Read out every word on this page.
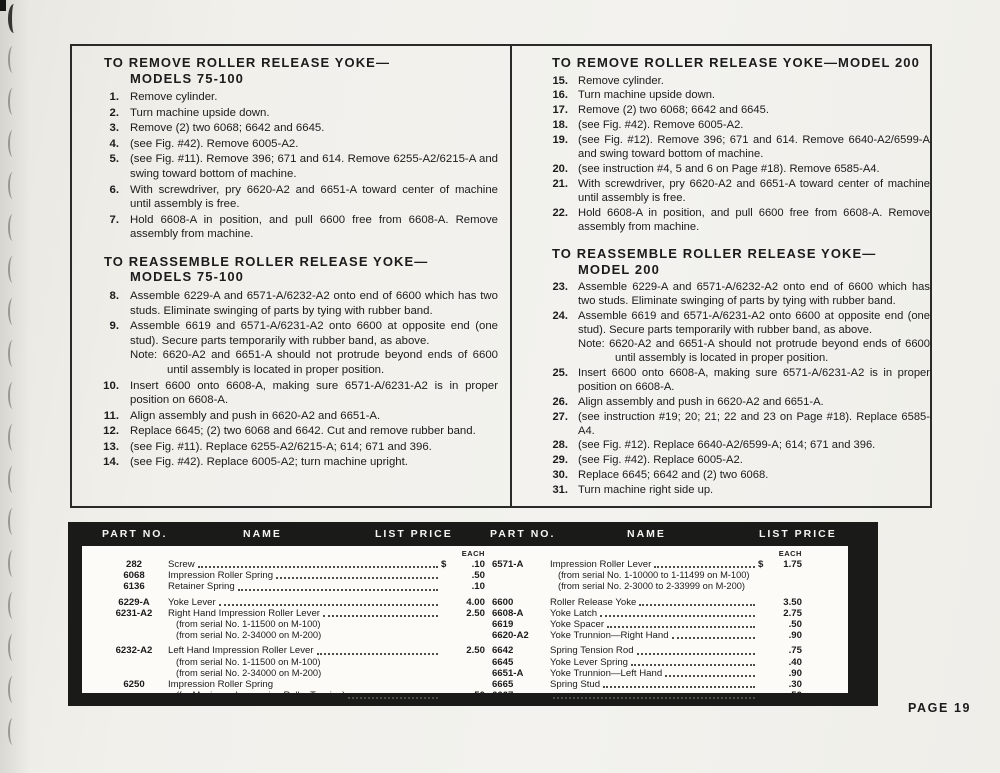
TO REMOVE ROLLER RELEASE YOKE—
MODELS 75-100
1. Remove cylinder.
2. Turn machine upside down.
3. Remove (2) two 6068; 6642 and 6645.
4. (see Fig. #42). Remove 6005-A2.
5. (see Fig. #11). Remove 396; 671 and 614. Remove 6255-A2/6215-A and swing toward bottom of machine.
6. With screwdriver, pry 6620-A2 and 6651-A toward center of machine until assembly is free.
7. Hold 6608-A in position, and pull 6600 free from 6608-A. Remove assembly from machine.
TO REASSEMBLE ROLLER RELEASE YOKE—
MODELS 75-100
8. Assemble 6229-A and 6571-A/6232-A2 onto end of 6600 which has two studs. Eliminate swinging of parts by tying with rubber band.
9. Assemble 6619 and 6571-A/6231-A2 onto 6600 at opposite end (one stud). Secure parts temporarily with rubber band, as above.
Note: 6620-A2 and 6651-A should not protrude beyond ends of 6600 until assembly is located in proper position.
10. Insert 6600 onto 6608-A, making sure 6571-A/6231-A2 is in proper position on 6608-A.
11. Align assembly and push in 6620-A2 and 6651-A.
12. Replace 6645; (2) two 6068 and 6642. Cut and remove rubber band.
13. (see Fig. #11). Replace 6255-A2/6215-A; 614; 671 and 396.
14. (see Fig. #42). Replace 6005-A2; turn machine upright.
TO REMOVE ROLLER RELEASE YOKE—MODEL 200
15. Remove cylinder.
16. Turn machine upside down.
17. Remove (2) two 6068; 6642 and 6645.
18. (see Fig. #42). Remove 6005-A2.
19. (see Fig. #12). Remove 396; 671 and 614. Remove 6640-A2/6599-A and swing toward bottom of machine.
20. (see instruction #4, 5 and 6 on Page #18). Remove 6585-A4.
21. With screwdriver, pry 6620-A2 and 6651-A toward center of machine until assembly is free.
22. Hold 6608-A in position, and pull 6600 free from 6608-A. Remove assembly from machine.
TO REASSEMBLE ROLLER RELEASE YOKE—
MODEL 200
23. Assemble 6229-A and 6571-A/6232-A2 onto end of 6600 which has two studs. Eliminate swinging of parts by tying with rubber band.
24. Assemble 6619 and 6571-A/6231-A2 onto 6600 at opposite end (one stud). Secure parts temporarily with rubber band, as above.
Note: 6620-A2 and 6651-A should not protrude beyond ends of 6600 until assembly is located in proper position.
25. Insert 6600 onto 6608-A, making sure 6571-A/6231-A2 is in proper position on 6608-A.
26. Align assembly and push in 6620-A2 and 6651-A.
27. (see instruction #19; 20; 21; 22 and 23 on Page #18). Replace 6585-A4.
28. (see Fig. #12). Replace 6640-A2/6599-A; 614; 671 and 396.
29. (see Fig. #42). Replace 6005-A2.
30. Replace 6645; 6642 and (2) two 6068.
31. Turn machine right side up.
PART NO.	NAME	LIST PRICE	PART NO.	NAME	LIST PRICE
EACH
282	Screw	$	.10
6068	Impression Roller Spring	.50
6136	Retainer Spring	.10
6229-A	Yoke Lever	4.00
6231-A2	Right Hand Impression Roller Lever	2.50
(from serial No. 1-11500 on M-100)
(from serial No. 2-34000 on M-200)
6232-A2	Left Hand Impression Roller Lever	2.50
(from serial No. 1-11500 on M-100)
(from serial No. 2-34000 on M-200)
6250	Impression Roller Spring
(for Maximum Impression Roller Tension)	.50
EACH
6571-A	Impression Roller Lever	$ 1.75
(from serial No. 1-10000 to 1-11499 on M-100)
(from serial No. 2-3000 to 2-33999 on M-200)
6600	Roller Release Yoke	3.50
6608-A	Yoke Latch	2.75
6619	Yoke Spacer	.50
6620-A2	Yoke Trunnion—Right Hand	.90
6642	Spring Tension Rod	.75
6645	Yoke Lever Spring	.40
6651-A	Yoke Trunnion—Left Hand	.90
6665	Spring Stud	.30
6667	.50
PAGE 19
